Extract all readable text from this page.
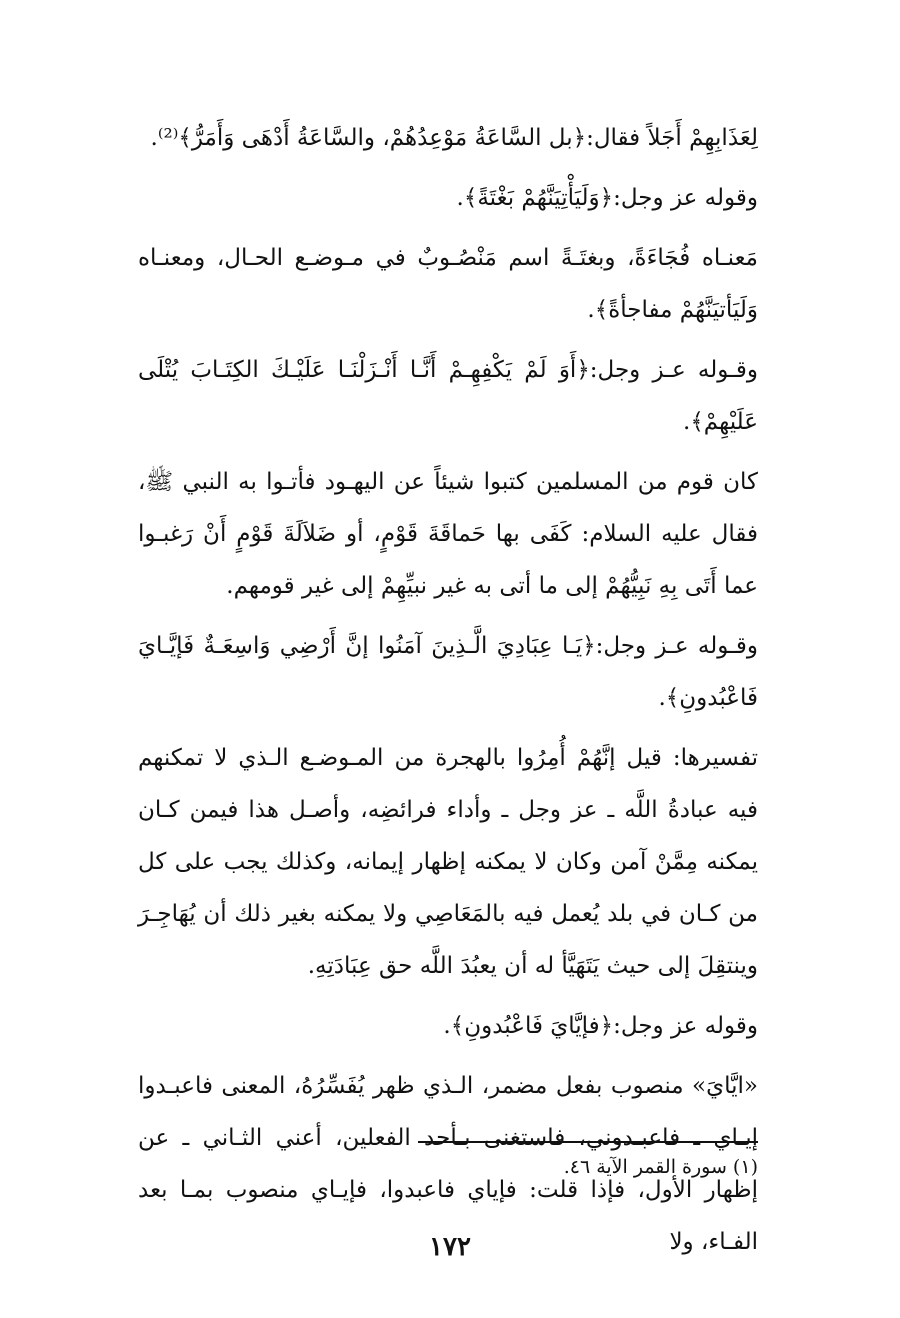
لِعَذَابِهِمْ أَجَلاً فقال:﴿بل السَّاعَةُ مَوْعِدُهُمْ، والسَّاعَةُ أَدْهَى وَأَمَرُّ﴾⁽²⁾.

وقوله عز وجل:﴿وَلَيَأْتِيَنَّهُمْ بَغْتَةً﴾.

مَعنـاه فُجَاءَةً، وبغتَـةً اسم مَنْصُـوبٌ في مـوضـع الحـال، ومعنـاه وَلَيَأتيَنَّهُمْ مفاجأةً﴾.

وقـوله عـز وجل:﴿أَوَ لَمْ يَكْفِهِـمْ أَنَّـا أَنْـزَلْنَـا عَلَيْـكَ الكِتَـابَ يُتْلَى عَلَيْهِمْ﴾.

كان قوم من المسلمين كتبوا شيئاً عن اليهـود فأتـوا به النبي ﷺ، فقال عليه السلام: كَفَى بها حَماقَةَ قَوْمٍ، أو ضَلاَلَةَ قَوْمٍ أَنْ رَغبـوا عما أَتَى بِهِ نَبِيُّهُمْ إلى ما أتى به غير نبيِّهِمْ إلى غير قومهم.

وقـوله عـز وجل:﴿يَـا عِبَادِيَ الَّـذِينَ آمَنُوا إنَّ أَرْضِي وَاسِعَـةٌ فَإيَّـايَ فَاعْبُدونِ﴾.

تفسيرها: قيل إنَّهُمْ أُمِرُوا بالهجرة من المـوضـع الـذي لا تمكنهم فيه عبادةُ اللَّه ـ عز وجل ـ وأداء فرائضِه، وأصـل هذا فيمن كـان يمكنه مِمَّنْ آمن وكان لا يمكنه إظهار إيمانه، وكذلك يجب على كل من كـان في بلد يُعمل فيه بالمَعَاصِي ولا يمكنه بغير ذلك أن يُهَاجِـرَ وينتقِلَ إلى حيث يَتَهَيَّأ له أن يعبُدَ اللَّه حق عِبَادَتِهِ.

وقوله عز وجل:﴿فإيَّايَ فَاعْبُدونِ﴾.

«ايَّايَ» منصوب بفعل مضمر، الـذي ظهر يُفَسِّرُهُ، المعنى فاعبـدوا إيـاي ـ فاعبـدوني، فاستغنى بـأحد الفعلين، أعني الثـاني ـ عن إظهار الأول، فإذا قلت: فإياي فاعبدوا، فإيـاي منصوب بمـا بعد الفـاء، ولا

(١) سورة القمر الآية ٤٦.
١٧٢
